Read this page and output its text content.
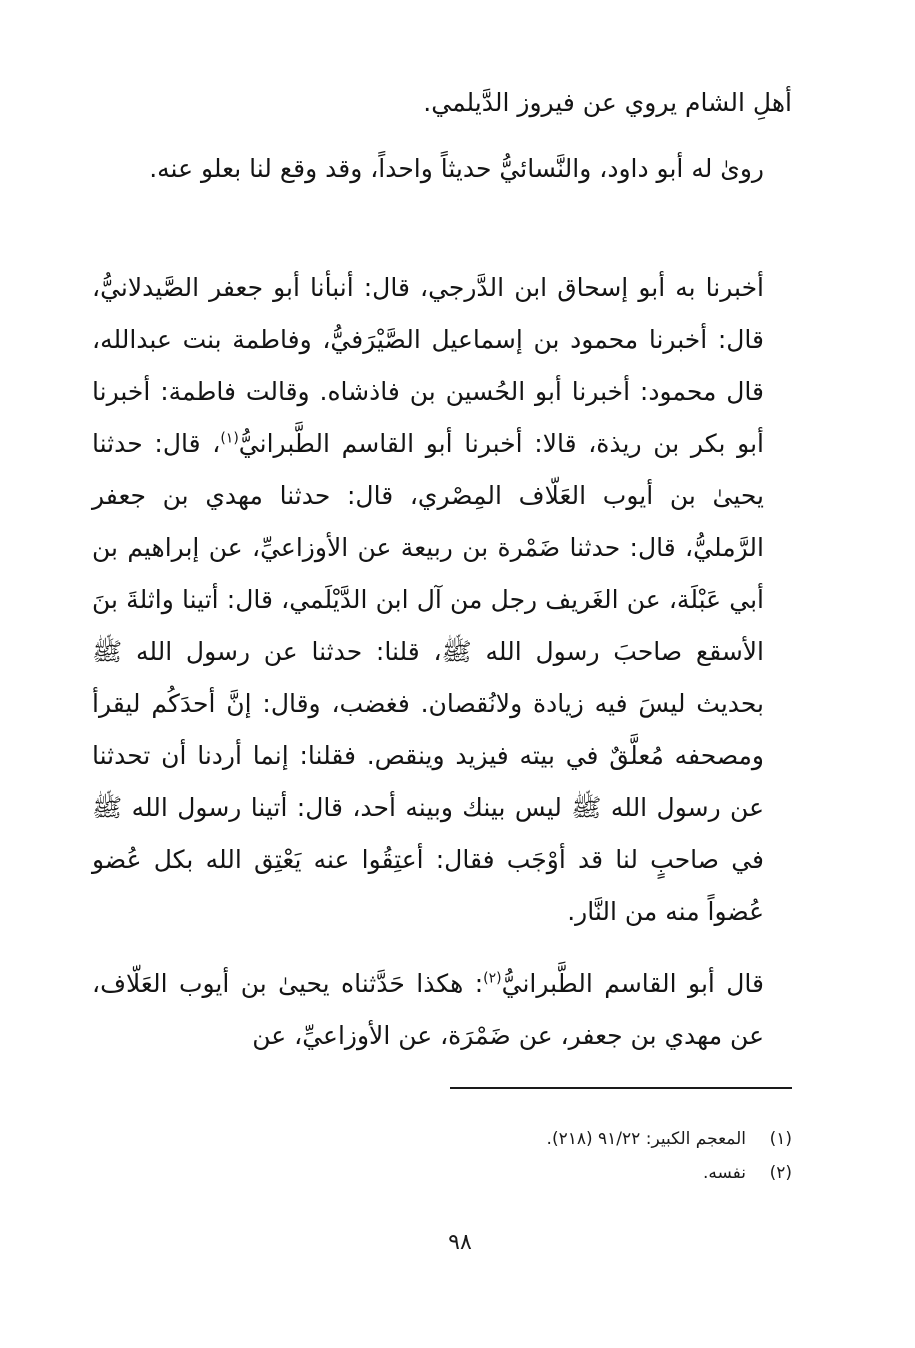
أهلِ الشام يروي عن فيروز الدَّيلمي.

روىٰ له أبو داود، والنَّسائيُّ حديثاً واحداً، وقد وقع لنا بعلو عنه.

أخبرنا به أبو إسحاق ابن الدَّرجي، قال: أنبأنا أبو جعفر الصَّيدلانيُّ، قال: أخبرنا محمود بن إسماعيل الصَّيْرَفيُّ، وفاطمة بنت عبدالله، قال محمود: أخبرنا أبو الحُسين بن فاذشاه. وقالت فاطمة: أخبرنا أبو بكر بن ريذة، قالا: أخبرنا أبو القاسم الطَّبرانيُّ$^{(١)}$، قال: حدثنا يحيىٰ بن أيوب العَلّاف المِصْري، قال: حدثنا مهدي بن جعفر الرَّمليُّ، قال: حدثنا ضَمْرة بن ربيعة عن الأوزاعيِّ، عن إبراهيم بن أبي عَبْلَة، عن الغَريف رجل من آل ابن الدَّيْلَمي، قال: أتينا واثلةَ بنَ الأسقع صاحبَ رسول الله ﷺ، قلنا: حدثنا عن رسول الله ﷺ بحديث ليسَ فيه زيادة ولانُقصان. فغضب، وقال: إنَّ أحدَكُم ليقرأ ومصحفه مُعلَّقٌ في بيته فيزيد وينقص. فقلنا: إنما أردنا أن تحدثنا عن رسول الله ﷺ ليس بينك وبينه أحد، قال: أتينا رسول الله ﷺ في صاحبٍ لنا قد أوْجَب فقال: أعتِقُوا عنه يَعْتِق الله بكل عُضو عُضواً منه من النَّار.

قال أبو القاسم الطَّبرانيُّ$^{(٢)}$: هكذا حَدَّثناه يحيىٰ بن أيوب العَلّاف، عن مهدي بن جعفر، عن ضَمْرَة، عن الأوزاعيِّ، عن

(١)
المعجم الكبير: ٩١/٢٢ (٢١٨).

(٢)
نفسه.

٩٨
